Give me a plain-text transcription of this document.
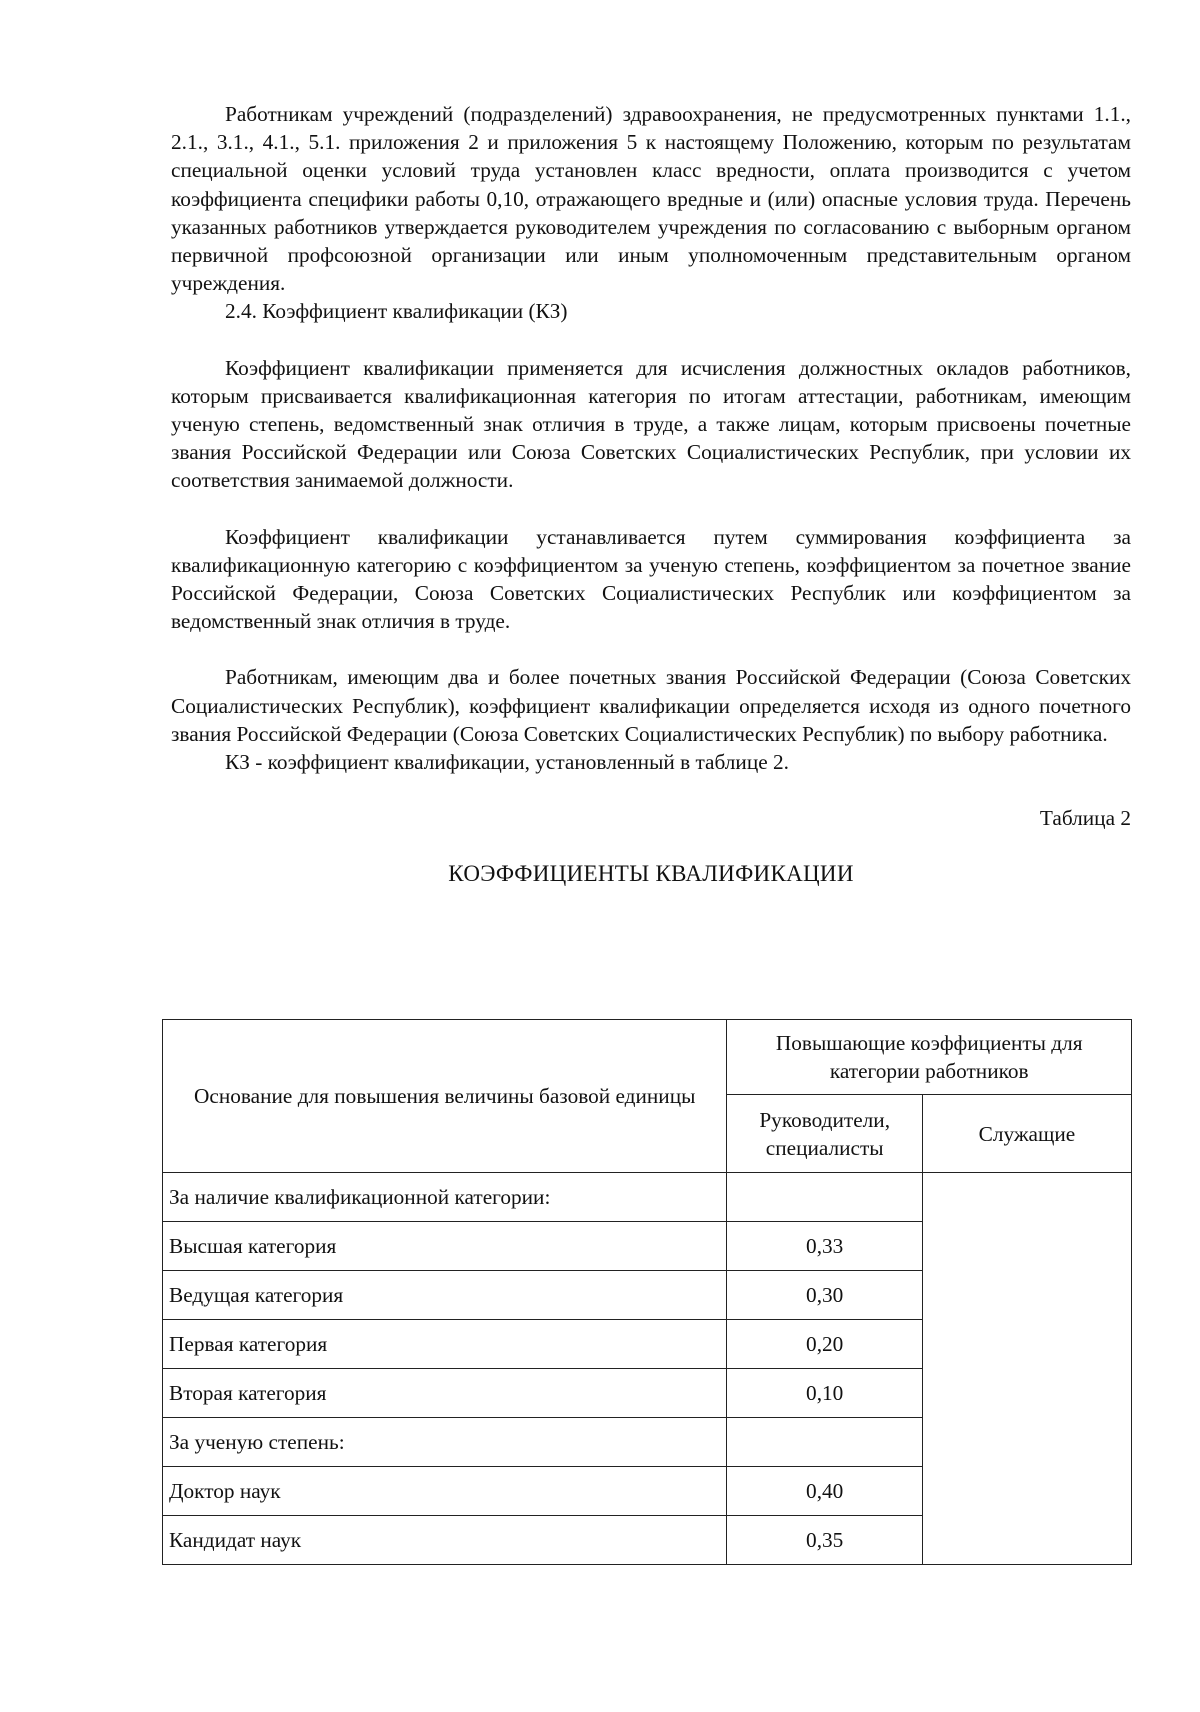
Работникам учреждений (подразделений) здравоохранения, не предусмотренных пунктами 1.1., 2.1., 3.1., 4.1., 5.1. приложения 2 и приложения 5 к настоящему Положению, которым по результатам специальной оценки условий труда установлен класс вредности, оплата производится с учетом коэффициента специфики работы 0,10, отражающего вредные и (или) опасные условия труда. Перечень указанных работников утверждается руководителем учреждения по согласованию с выборным органом первичной профсоюзной организации или иным уполномоченным представительным органом учреждения.

2.4. Коэффициент квалификации (КЗ)

Коэффициент квалификации применяется для исчисления должностных окладов работников, которым присваивается квалификационная категория по итогам аттестации, работникам, имеющим ученую степень, ведомственный знак отличия в труде, а также лицам, которым присвоены почетные звания Российской Федерации или Союза Советских Социалистических Республик, при условии их соответствия занимаемой должности.

Коэффициент квалификации устанавливается путем суммирования коэффициента за квалификационную категорию с коэффициентом за ученую степень, коэффициентом за почетное звание Российской Федерации, Союза Советских Социалистических Республик или коэффициентом за ведомственный знак отличия в труде.

Работникам, имеющим два и более почетных звания Российской Федерации (Союза Советских Социалистических Республик), коэффициент квалификации определяется исходя из одного почетного звания Российской Федерации (Союза Советских Социалистических Республик) по выбору работника.

КЗ - коэффициент квалификации, установленный в таблице 2.

Таблица 2

КОЭФФИЦИЕНТЫ КВАЛИФИКАЦИИ

Основание для повышения величины базовой единицы	Повышающие коэффициенты для категории работников	
	Руководители, специалисты	Служащие
За наличие квалификационной категории:		
Высшая категория	0,33	
Ведущая категория	0,30	
Первая категория	0,20	
Вторая категория	0,10	
За ученую степень:		
Доктор наук	0,40	
Кандидат наук	0,35	
